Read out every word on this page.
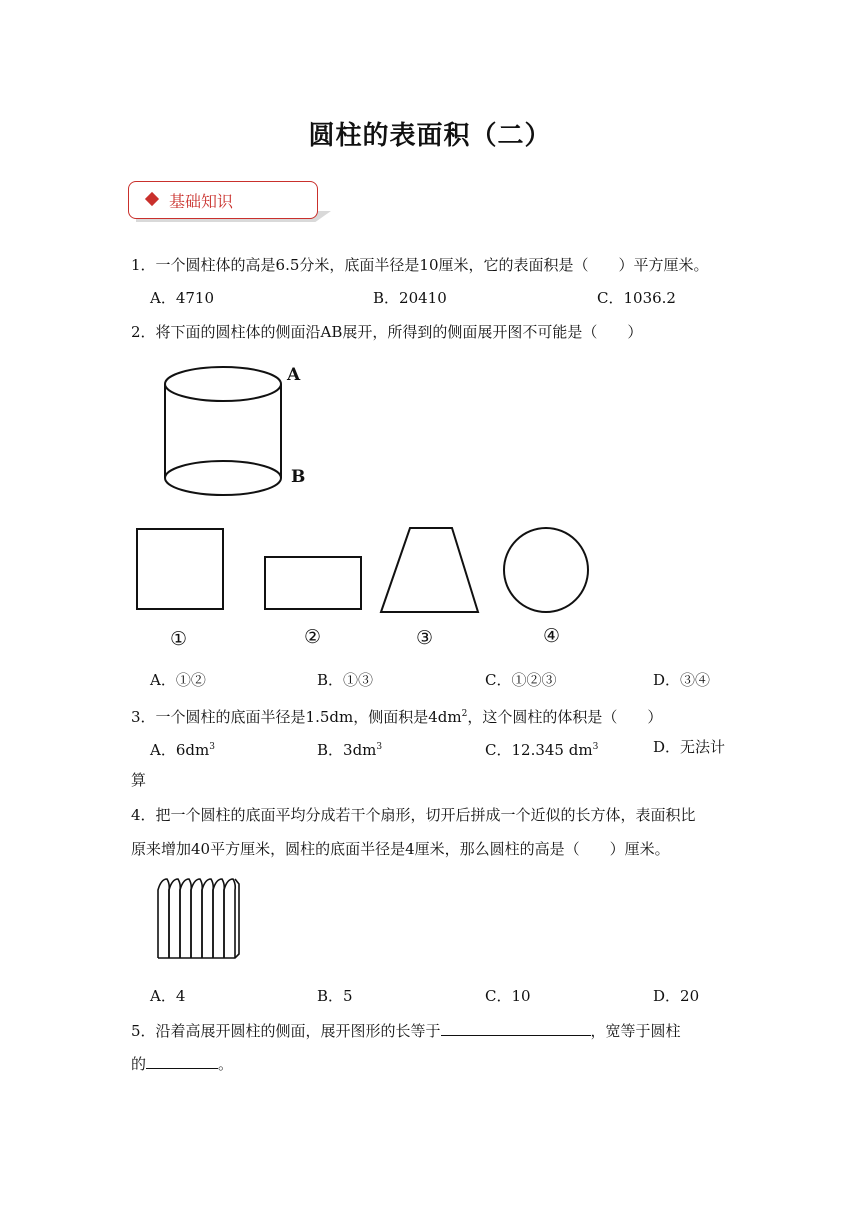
圆柱的表面积（二）
基础知识
1．一个圆柱体的高是6.5分米，底面半径是10厘米，它的表面积是（　　）平方厘米。
A．4710	B．20410	C．1036.2
2．将下面的圆柱体的侧面沿AB展开，所得到的侧面展开图不可能是（　　）
A
B
①	②	③	④
A．①②	B．①③	C．①②③	D．③④
3．一个圆柱的底面半径是1.5dm，侧面积是$4dm^2$，这个圆柱的体积是（　　）
A．$6dm^3$	B．$3dm^3$	C．12.345 $dm^3$	D．无法计
算
4．把一个圆柱的底面平均分成若干个扇形，切开后拼成一个近似的长方体，表面积比
原来增加40平方厘米，圆柱的底面半径是4厘米，那么圆柱的高是（　　）厘米。
A．4	B．5	C．10	D．20
5．沿着高展开圆柱的侧面，展开图形的长等于	，宽等于圆柱
的	。
